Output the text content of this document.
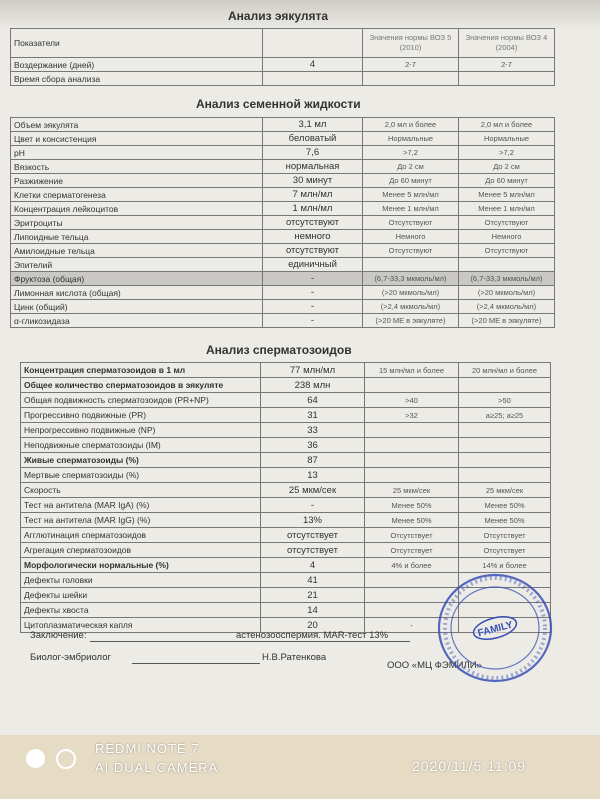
Анализ эякулята
Показатели		Значения нормы ВОЗ 5 (2010)	Значения нормы ВОЗ 4 (2004)
Воздержание (дней)	4	2-7	2-7
Время сбора анализа			
Анализ семенной жидкости
Объем эякулята	3,1 мл	2,0 мл и более	2,0 мл и более
Цвет и консистенция	беловатый	Нормальные	Нормальные
pH	7,6	>7,2	>7,2
Вязкость	нормальная	До 2 см	До 2 см
Разжижение	30 минут	До 60 минут	До 60 минут
Клетки сперматогенеза	7 млн/мл	Менее 5 млн/мл	Менее 5 млн/мл
Концентрация лейкоцитов	1 млн/мл	Менее 1 млн/мл	Менее 1 млн/мл
Эритроциты	отсутствуют	Отсутствуют	Отсутствуют
Липоидные тельца	немного	Немного	Немного
Амилоидные тельца	отсутствуют	Отсутствуют	Отсутствуют
Эпителий	единичный		
Фруктоза (общая)	-	(6,7-33,3 мкмоль/мл)	(6,7-33,3 мкмоль/мл)
Лимонная кислота (общая)	-	(>20 мкмоль/мл)	(>20 мкмоль/мл)
Цинк (общий)	-	(>2,4 мкмоль/мл)	(>2,4 мкмоль/мл)
α-гликозидаза	-	(>20 МЕ в эякуляте)	(>20 МЕ в эякуляте)
Анализ сперматозоидов
Концентрация сперматозоидов в 1 мл	77 млн/мл	15 млн/мл и более	20 млн/мл и более
Общее количество сперматозоидов в эякуляте	238 млн		
Общая подвижность сперматозоидов (PR+NP)	64	>40	>50
Прогрессивно подвижные (PR)	31	>32	a≥25; a≥25
Непрогрессивно подвижные (NP)	33		
Неподвижные сперматозоиды (IM)	36		
Живые сперматозоиды (%)	87		
Мертвые сперматозоиды (%)	13		
Скорость	25 мкм/сек	25 мкм/сек	25 мкм/сек
Тест на антитела (MAR IgA) (%)	-	Менее 50%	Менее 50%
Тест на антитела (MAR IgG) (%)	13%	Менее 50%	Менее 50%
Агглютинация сперматозоидов	отсутствует	Отсутствует	Отсутствует
Агрегация сперматозоидов	отсутствует	Отсутствует	Отсутствует
Морфологически нормальные (%)	4	4% и более	14% и более
Дефекты головки	41		
Дефекты шейки	21		
Дефекты хвоста	14		
Цитоплазматическая капля	20	-	
Заключение:	астенозооспермия. MAR-тест 13%
Биолог-эмбриолог	Н.В.Ратенкова
ООО «МЦ ФЭМИЛИ»
FAMILY
REDMI NOTE 7
AI DUAL CAMERA	2020/11/5 11:09
